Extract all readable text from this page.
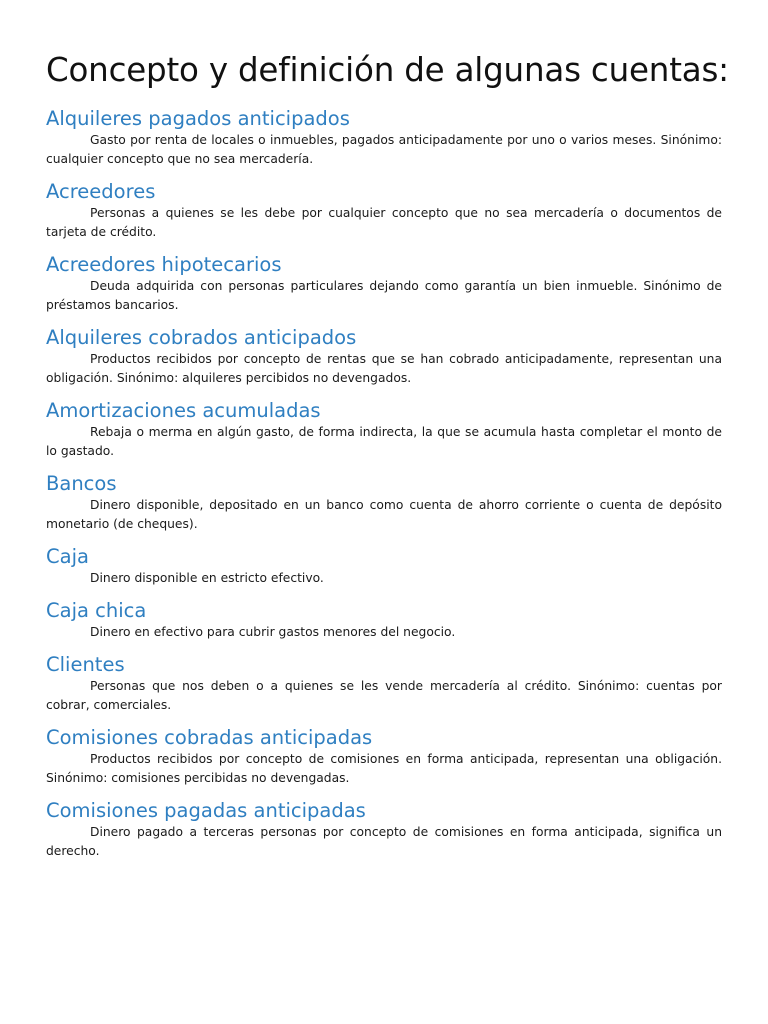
Concepto y definición de algunas cuentas:
Alquileres pagados anticipados

Gasto por renta de locales o inmuebles, pagados anticipadamente por uno o varios meses. Sinónimo: cualquier concepto que no sea mercadería.

Acreedores

Personas a quienes se les debe por cualquier concepto que no sea mercadería o documentos de tarjeta de crédito.

Acreedores hipotecarios

Deuda adquirida con personas particulares dejando como garantía un bien inmueble. Sinónimo de préstamos bancarios.

Alquileres cobrados anticipados

Productos recibidos por concepto de rentas que se han cobrado anticipadamente, representan una obligación. Sinónimo: alquileres percibidos no devengados.

Amortizaciones acumuladas

Rebaja o merma en algún gasto, de forma indirecta, la que se acumula hasta completar el monto de lo gastado.

Bancos

Dinero disponible, depositado en un banco como cuenta de ahorro corriente o cuenta de depósito monetario (de cheques).

Caja

Dinero disponible en estricto efectivo.

Caja chica

Dinero en efectivo para cubrir gastos menores del negocio.

Clientes

Personas que nos deben o a quienes se les vende mercadería al crédito. Sinónimo: cuentas por cobrar, comerciales.

Comisiones cobradas anticipadas

Productos recibidos por concepto de comisiones en forma anticipada, representan una obligación. Sinónimo: comisiones percibidas no devengadas.

Comisiones pagadas anticipadas

Dinero pagado a terceras personas por concepto de comisiones en forma anticipada, significa un derecho.
